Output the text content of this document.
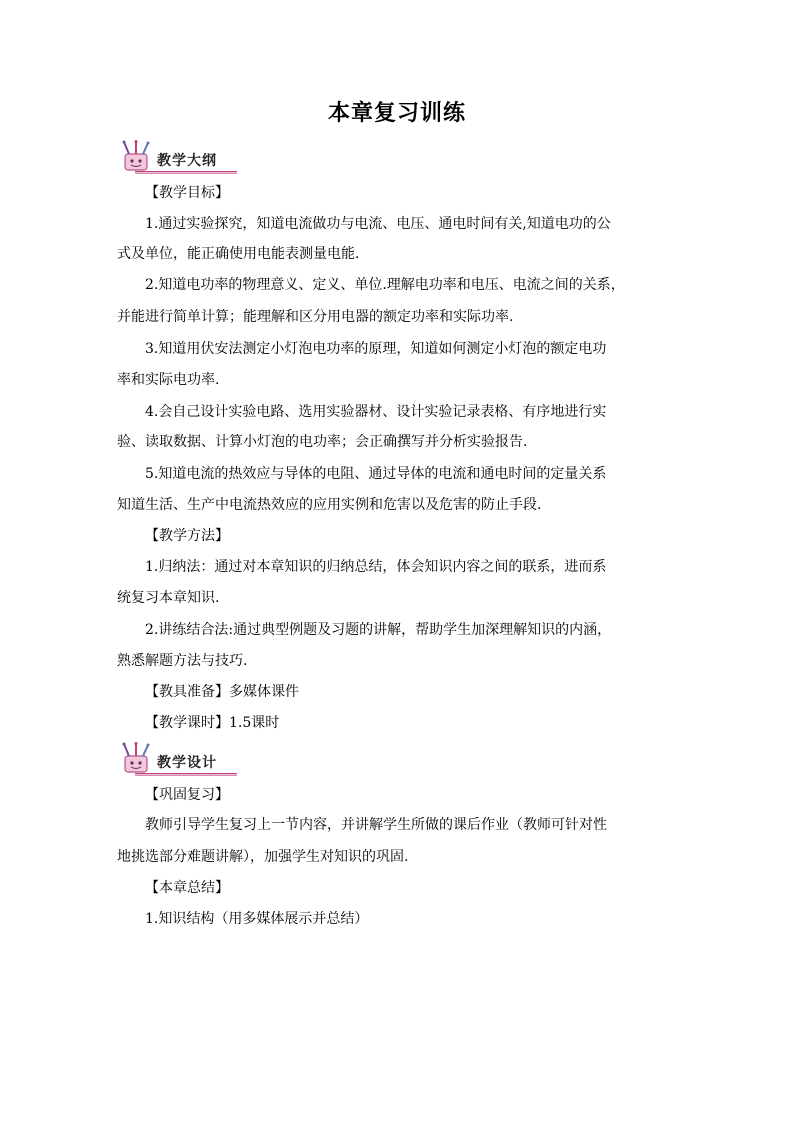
本章复习训练
教学大纲
【教学目标】
1.通过实验探究，知道电流做功与电流、电压、通电时间有关,知道电功的公
式及单位，能正确使用电能表测量电能.
2.知道电功率的物理意义、定义、单位.理解电功率和电压、电流之间的关系，
并能进行简单计算；能理解和区分用电器的额定功率和实际功率.
3.知道用伏安法测定小灯泡电功率的原理，知道如何测定小灯泡的额定电功
率和实际电功率.
4.会自己设计实验电路、选用实验器材、设计实验记录表格、有序地进行实
验、读取数据、计算小灯泡的电功率；会正确撰写并分析实验报告.
5.知道电流的热效应与导体的电阻、通过导体的电流和通电时间的定量关系
知道生活、生产中电流热效应的应用实例和危害以及危害的防止手段.
【教学方法】
1.归纳法：通过对本章知识的归纳总结，体会知识内容之间的联系，进而系
统复习本章知识.
2.讲练结合法:通过典型例题及习题的讲解，帮助学生加深理解知识的内涵，
熟悉解题方法与技巧.
【教具准备】多媒体课件
【教学课时】1.5课时
教学设计
【巩固复习】
教师引导学生复习上一节内容，并讲解学生所做的课后作业（教师可针对性
地挑选部分难题讲解），加强学生对知识的巩固.
【本章总结】
1.知识结构（用多媒体展示并总结）
